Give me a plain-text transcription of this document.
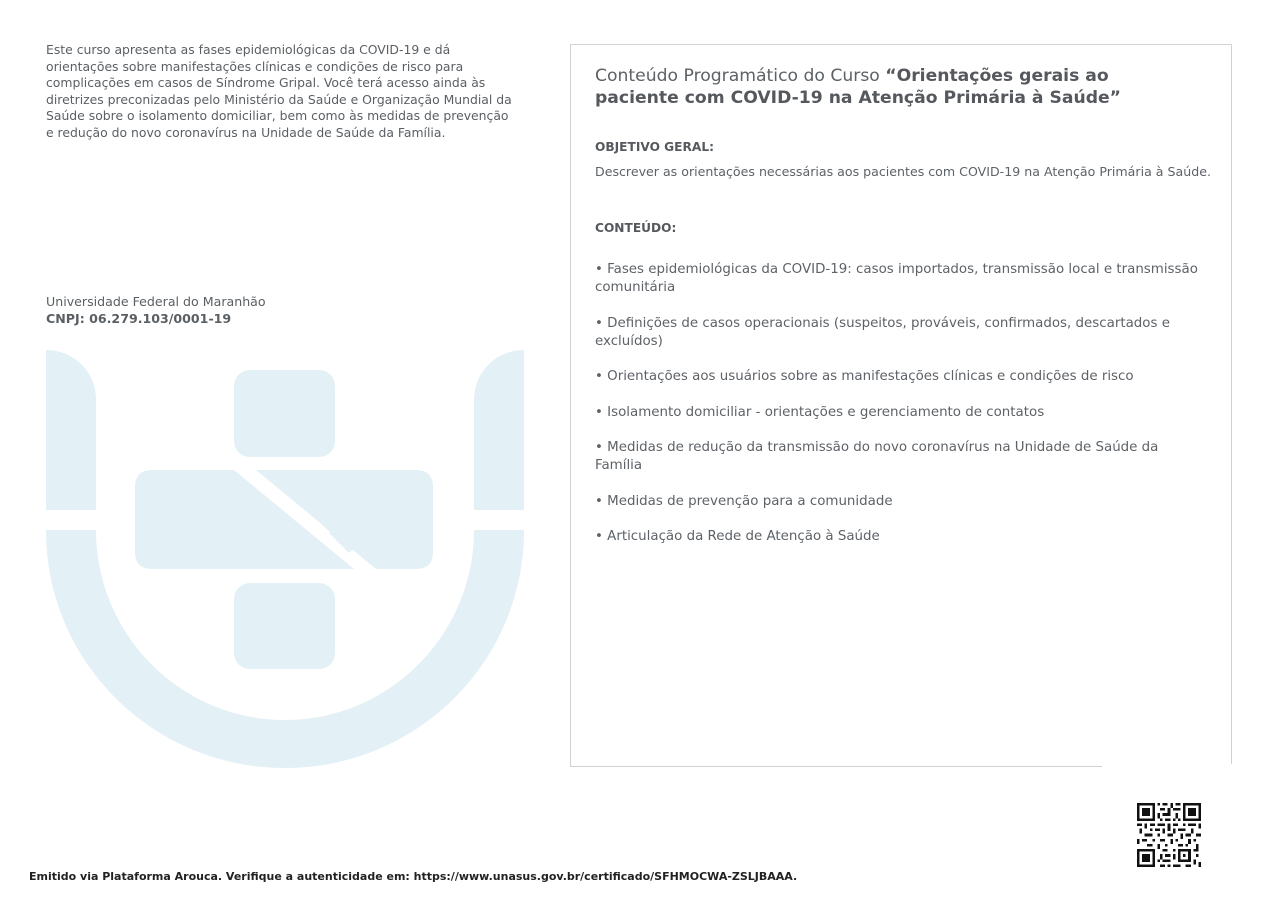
Este curso apresenta as fases epidemiológicas da COVID-19 e dá orientações sobre manifestações clínicas e condições de risco para complicações em casos de Síndrome Gripal. Você terá acesso ainda às diretrizes preconizadas pelo Ministério da Saúde e Organização Mundial da Saúde sobre o isolamento domiciliar, bem como às medidas de prevenção e redução do novo coronavírus na Unidade de Saúde da Família.

Universidade Federal do Maranhão
CNPJ: 06.279.103/0001-19

Conteúdo Programático do Curso “Orientações gerais ao paciente com COVID-19 na Atenção Primária à Saúde”

OBJETIVO GERAL:

Descrever as orientações necessárias aos pacientes com COVID-19 na Atenção Primária à Saúde.

CONTEÚDO:

• Fases epidemiológicas da COVID-19: casos importados, transmissão local e transmissão comunitária
• Definições de casos operacionais (suspeitos, prováveis, confirmados, descartados e excluídos)
• Orientações aos usuários sobre as manifestações clínicas e condições de risco
• Isolamento domiciliar - orientações e gerenciamento de contatos
• Medidas de redução da transmissão do novo coronavírus na Unidade de Saúde da Família
• Medidas de prevenção para a comunidade
• Articulação da Rede de Atenção à Saúde
Emitido via Plataforma Arouca. Verifique a autenticidade em: https://www.unasus.gov.br/certificado/SFHMOCWA-ZSLJBAAA.
